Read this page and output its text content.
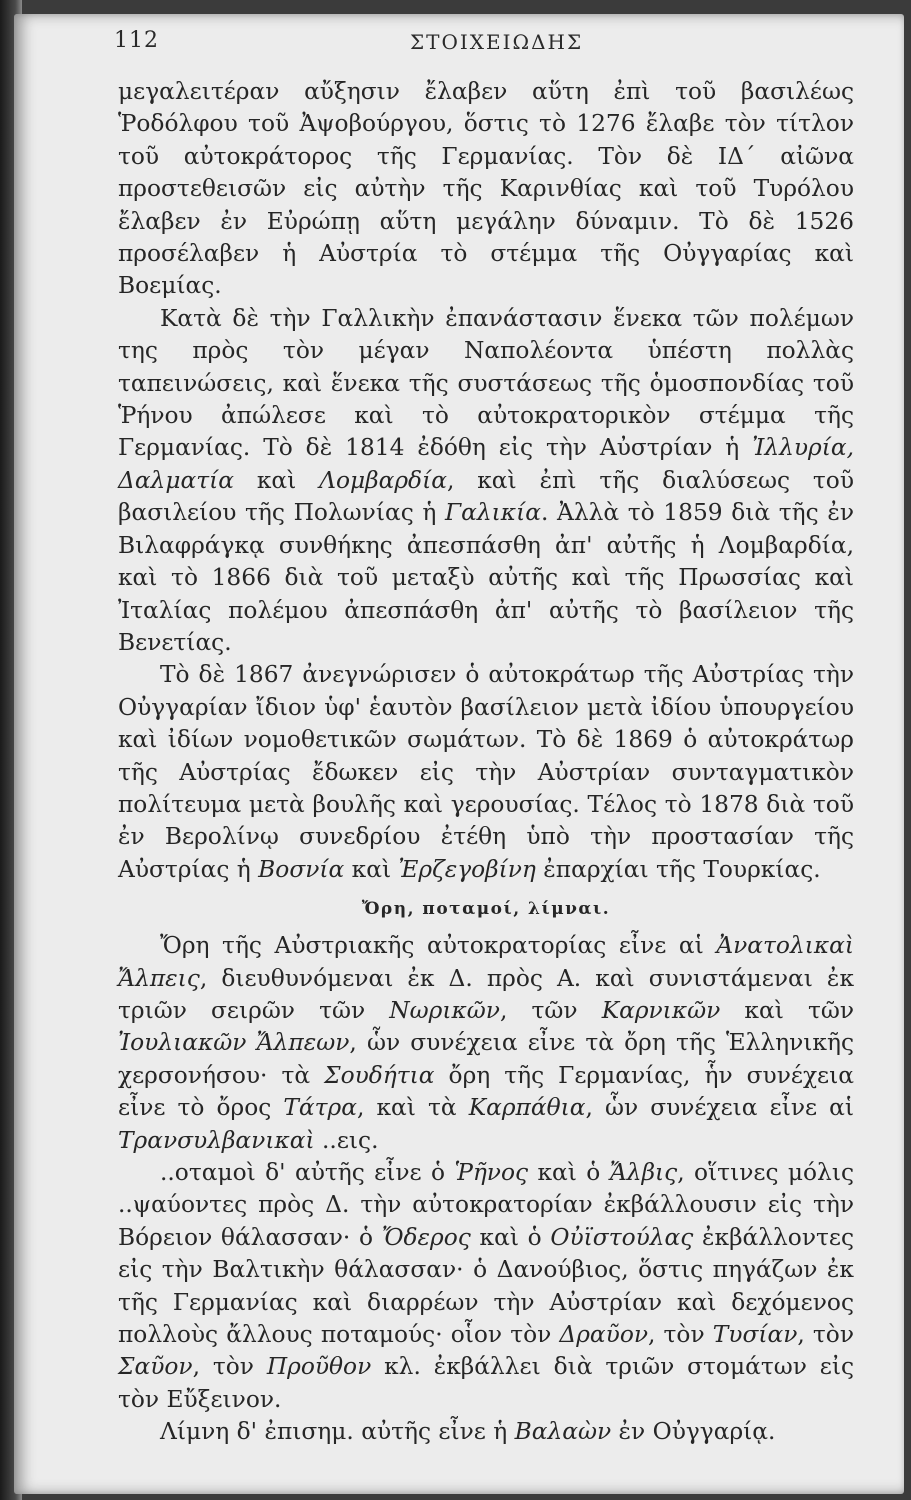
112	ΣΤΟΙΧΕΙΩΔΗΣ

μεγαλειτέραν αὔξησιν ἔλαβεν αὕτη ἐπὶ τοῦ βασιλέως Ῥοδόλφου τοῦ Ἀψοβούργου, ὅστις τὸ 1276 ἔλαβε τὸν τίτλον τοῦ αὐτοκράτορος τῆς Γερμανίας. Τὸν δὲ ΙΔ΄ αἰῶνα προστεθεισῶν εἰς αὐτὴν τῆς Καρινθίας καὶ τοῦ Τυρόλου ἔλαβεν ἐν Εὐρώπῃ αὕτη μεγάλην δύναμιν. Τὸ δὲ 1526 προσέλαβεν ἡ Αὐστρία τὸ στέμμα τῆς Οὐγγαρίας καὶ Βοεμίας.

Κατὰ δὲ τὴν Γαλλικὴν ἐπανάστασιν ἕνεκα τῶν πολέμων της πρὸς τὸν μέγαν Ναπολέοντα ὑπέστη πολλὰς ταπεινώσεις, καὶ ἕνεκα τῆς συστάσεως τῆς ὁμοσπονδίας τοῦ Ῥήνου ἀπώλεσε καὶ τὸ αὐτοκρατορικὸν στέμμα τῆς Γερμανίας. Τὸ δὲ 1814 ἐδόθη εἰς τὴν Αὐστρίαν ἡ Ἰλλυρία, Δαλματία καὶ Λομβαρδία, καὶ ἐπὶ τῆς διαλύσεως τοῦ βασιλείου τῆς Πολωνίας ἡ Γαλικία. Ἀλλὰ τὸ 1859 διὰ τῆς ἐν Βιλαφράγκᾳ συνθήκης ἀπεσπάσθη ἀπ' αὐτῆς ἡ Λομβαρδία, καὶ τὸ 1866 διὰ τοῦ μεταξὺ αὐτῆς καὶ τῆς Πρωσσίας καὶ Ἰταλίας πολέμου ἀπεσπάσθη ἀπ' αὐτῆς τὸ βασίλειον τῆς Βενετίας.

Τὸ δὲ 1867 ἀνεγνώρισεν ὁ αὐτοκράτωρ τῆς Αὐστρίας τὴν Οὐγγαρίαν ἴδιον ὑφ' ἑαυτὸν βασίλειον μετὰ ἰδίου ὑπουργείου καὶ ἰδίων νομοθετικῶν σωμάτων. Τὸ δὲ 1869 ὁ αὐτοκράτωρ τῆς Αὐστρίας ἔδωκεν εἰς τὴν Αὐστρίαν συνταγματικὸν πολίτευμα μετὰ βουλῆς καὶ γερουσίας. Τέλος τὸ 1878 διὰ τοῦ ἐν Βερολίνῳ συνεδρίου ἐτέθη ὑπὸ τὴν προστασίαν τῆς Αὐστρίας ἡ Βοσνία καὶ Ἐρζεγοβίνη ἐπαρχίαι τῆς Τουρκίας.

Ὄρη, ποταμοί, λίμναι.

Ὄρη τῆς Αὐστριακῆς αὐτοκρατορίας εἶνε αἱ Ἀνατολικαὶ Ἄλπεις, διευθυνόμεναι ἐκ Δ. πρὸς Α. καὶ συνιστάμεναι ἐκ τριῶν σειρῶν τῶν Νωρικῶν, τῶν Καρνικῶν καὶ τῶν Ἰουλιακῶν Ἄλπεων, ὧν συνέχεια εἶνε τὰ ὄρη τῆς Ἑλληνικῆς χερσονήσου· τὰ Σουδήτια ὄρη τῆς Γερμανίας, ἧν συνέχεια εἶνε τὸ ὄρος Τάτρα, καὶ τὰ Καρπάθια, ὧν συνέχεια εἶνε αἱ Τρανσυλβανικαὶ ..εις.

..οταμοὶ δ' αὐτῆς εἶνε ὁ Ῥῆνος καὶ ὁ Ἄλβις, οἵτινες μόλις ..ψαύοντες πρὸς Δ. τὴν αὐτοκρατορίαν ἐκβάλλουσιν εἰς τὴν Βόρειον θάλασσαν· ὁ Ὄδερος καὶ ὁ Οὐϊστούλας ἐκβάλλοντες εἰς τὴν Βαλτικὴν θάλασσαν· ὁ Δανούβιος, ὅστις πηγάζων ἐκ τῆς Γερμανίας καὶ διαρρέων τὴν Αὐστρίαν καὶ δεχόμενος πολλοὺς ἄλλους ποταμούς· οἷον τὸν Δραῦον, τὸν Τυσίαν, τὸν Σαῦον, τὸν Προῦθον κλ. ἐκβάλλει διὰ τριῶν στομάτων εἰς τὸν Εὔξεινον.

Λίμνη δ' ἐπισημ. αὐτῆς εἶνε ἡ Βαλαὼν ἐν Οὐγγαρίᾳ.
